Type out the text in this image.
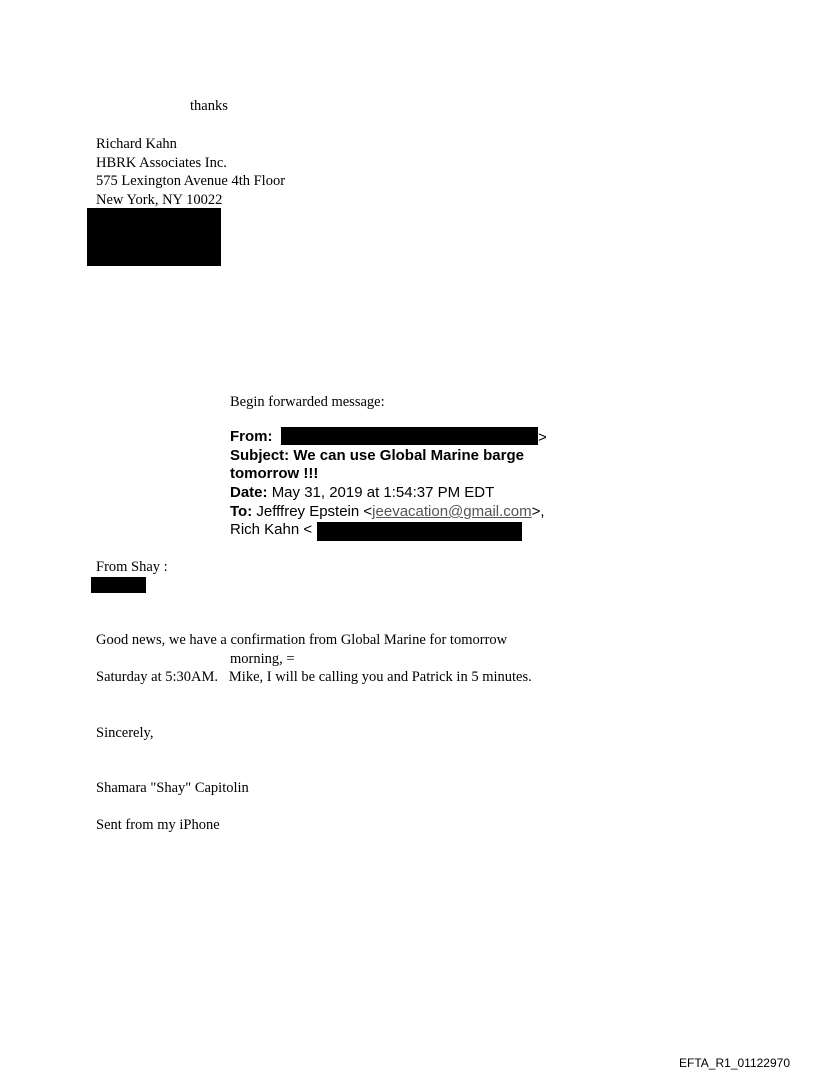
thanks
Richard Kahn
HBRK Associates Inc.
575 Lexington Avenue 4th Floor
New York, NY 10022
Begin forwarded message:
From:	>
Subject: We can use Global Marine barge
tomorrow !!!
Date: May 31, 2019 at 1:54:37 PM EDT
To: Jefffrey Epstein <jeevacation@gmail.com>,
Rich Kahn <
From Shay :
Good news, we have a confirmation from Global Marine for tomorrow
morning, =
Saturday at 5:30AM.   Mike, I will be calling you and Patrick in 5 minutes.
Sincerely,
Shamara "Shay" Capitolin
Sent from my iPhone
EFTA_R1_01122970
